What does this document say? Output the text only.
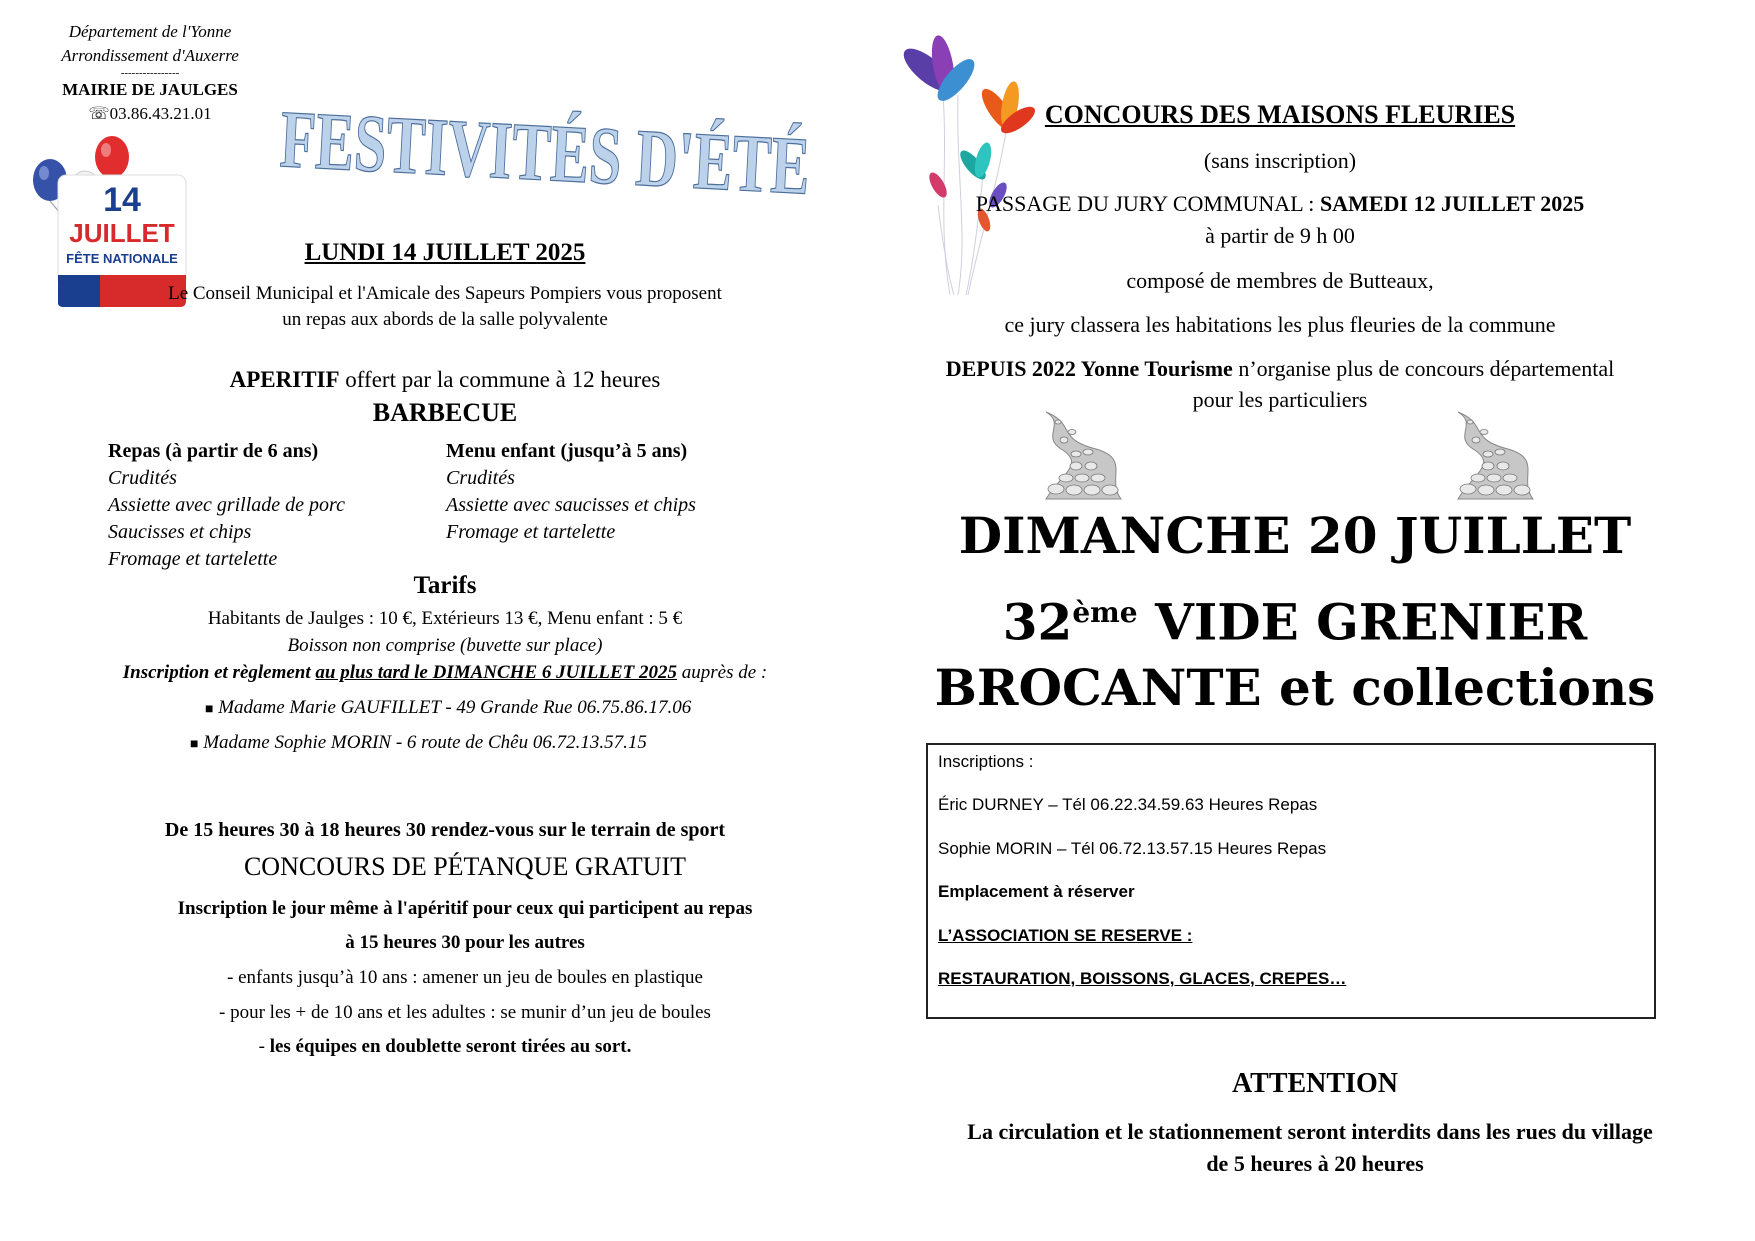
Département de l'Yonne
Arrondissement d'Auxerre
----------------
MAIRIE DE JAULGES
☏03.86.43.21.01
14
JUILLET
FÊTE NATIONALE
FESTIVITÉS D'ÉTÉ
LUNDI 14 JUILLET 2025
Le Conseil Municipal et l'Amicale des Sapeurs Pompiers vous proposent
un repas aux abords de la salle polyvalente
APERITIF offert par la commune à 12 heures
BARBECUE
Repas (à partir de 6 ans)
Crudités
Assiette avec grillade de porc
Saucisses et chips
Fromage et tartelette
Menu enfant (jusqu’à 5 ans)
Crudités
Assiette avec saucisses et chips
Fromage et tartelette
Tarifs
Habitants de Jaulges : 10 €, Extérieurs 13 €, Menu enfant : 5 €
Boisson non comprise (buvette sur place)
Inscription et règlement au plus tard le DIMANCHE 6 JUILLET 2025 auprès de :
■ Madame Marie GAUFILLET - 49 Grande Rue 06.75.86.17.06
■ Madame Sophie MORIN - 6 route de Chêu 06.72.13.57.15
De 15 heures 30 à 18 heures 30 rendez-vous sur le terrain de sport
CONCOURS DE PÉTANQUE GRATUIT
Inscription le jour même à l'apéritif pour ceux qui participent au repas
à 15 heures 30 pour les autres
- enfants jusqu’à 10 ans : amener un jeu de boules en plastique
- pour les + de 10 ans et les adultes : se munir d’un jeu de boules
- les équipes en doublette seront tirées au sort.
CONCOURS DES MAISONS FLEURIES
(sans inscription)
PASSAGE DU JURY COMMUNAL : SAMEDI 12 JUILLET 2025
à partir de 9 h 00
composé de membres de Butteaux,
ce jury classera les habitations les plus fleuries de la commune
DEPUIS 2022 Yonne Tourisme n’organise plus de concours départemental
pour les particuliers
DIMANCHE 20 JUILLET
32ème VIDE GRENIER
BROCANTE et collections
Inscriptions :
Éric DURNEY – Tél 06.22.34.59.63 Heures Repas
Sophie MORIN – Tél 06.72.13.57.15 Heures Repas
Emplacement à réserver
L’ASSOCIATION SE RESERVE :
RESTAURATION, BOISSONS, GLACES, CREPES…
ATTENTION
La circulation et le stationnement seront interdits dans les rues du village
de 5 heures à 20 heures
